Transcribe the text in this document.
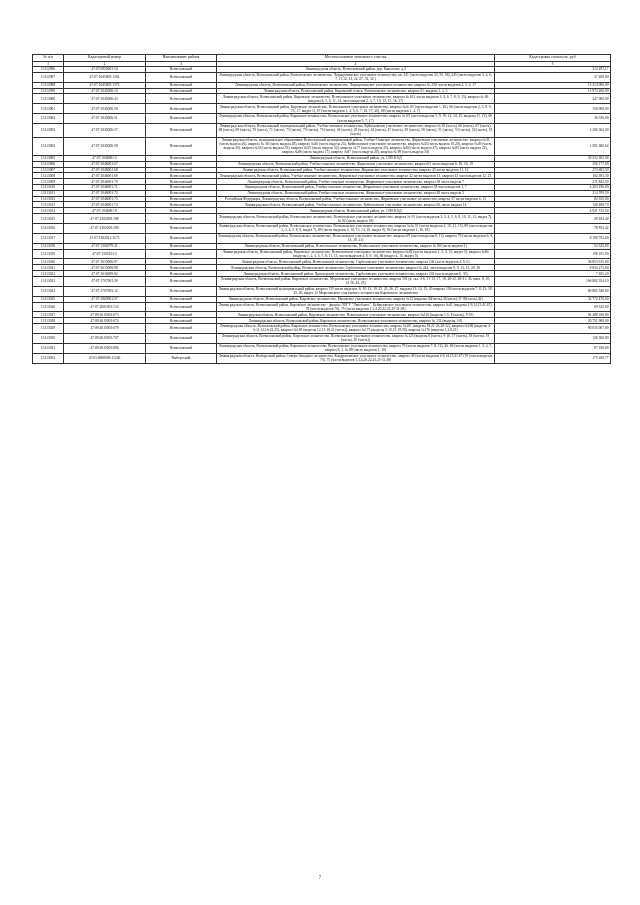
№ п/п	Кадастровый номер	Наименование района	Местоположение земельного участка	Кадастровая стоимость, руб
1	2	3	4	5
13112986	47:07:0950001:54	Всеволожский	Ленинградская область, Всеволожский район, дер. Кавголово, д.2	312 297,17
13112987	47:07:1045005:1302	Всеволожский	Ленинградская область, Всеволожский район, Всеволожское лесничество, Черноречинское участковое лесничество, кв. 241 (части выделов 33, 55, 56), 245 (части выделов 3, 4, 6, 7, 11,12, 13, 22, 27, 31, 32 )	37 400,00
13112988	47:07:1045005:1374	Всеволожский	Ленинградская область, Всеволожский район, Всеволожское лесничество, Черноречинское участковое лесничество, квартал № 230, части выделов 2, 3, 4, 17	15 414 006,00
13112999	47:07:1045006:13	Всеволожский	Ленинградская область, Всеволожский район, Кировский сельск. Всеволожское лесничество, квартал 51, выделы 1, 2, 3	13 973 260,00
13113000	47:07:1045006:43	Всеволожский	Ленинградская область, Всеволожский район, Кировское лесничество, Всеволожское участковое лесничество, квартал № 62 ( части выделов 3, 4, 6, 7, 8, 9, 15), квартал № 69 (выделы 4, 5, 6, 11, 14, части выделов 2, 3, 7, 10, 12, 15, 16, 17)	247 000,00
13113001	47:07:1045006:50	Всеволожский	Ленинградская область, Всеволожский район, Кировское лесничество, Всеволожское участковое лесничество, квартал №№ 65 (части выделов 1, 16), 66 (части выделов 2, 3, 8, 9, 15, 17, выдел 1), 67 (части выделов 1, 4, 5, 6, 7, 16, 17, 20), 68 (части выделов 1, 2, 7)	156 000,00
13113002	47:07:1045006:51	Всеволожский	Ленинградская область, Всеволожский район, Кировское лесничество, Всеволожское участковое лесничество, квартал № 65 (части выделов 5, 9, 10, 12, 14, 15, выделы 11, 13), 66 (части выделов 5, 7, 17)	36 556,00
13113003	47:07:1045006:57	Всеволожский	Ленинградская область, Всеволожский муниципальный район, Учебно-опытное лесничество, Куйвозовское участковое лесничество, квартал № 65 (часть), 66 (часть), 67 (часть), 68 (часть), 69 (часть), 70 (часть), 71 (часть), 73 (часть), 75 (часть), 76 (часть), 46 (часть), 45 (часть), 44 (часть), 47 (часть), 49 (часть), 50 (часть), 51 (часть), 53 (часть), 54 (часть), 55 (часть)	2 206 363,30
13113004	47:07:1045006:58	Всеволожский	Ленинградская область, муниципальное образование Всеволожский муниципальный район, Учебно-Опытное лесничество, Жерновское участковое лесничество, квартал №35 (часть выдела 26), квартал № 36 (часть выдела 28), квартал №36 (часть выдела 23), Куйвозовское участковое лесничество, квартал №43 (часть выдела 10,20), квартал №49 (часть выдела 20), квартал №54 (часть выдела 35), квартал №55 (часть выдела 32), квартал №77 (часть выдела 25), квартал №84 (часть выдела 47), квартал №85 (часть выдела 22), квартал №86 (часть выдела 17), квартал №87 (часть выдела 20), квартал № 89 (часть выдела 34)	1 581 600,64
13113005	47:07:1046001:5	Всеволожский	Ленинградская область, Всеволожский район, уч. СПб-КАД	39 532 305,00
13113006	47:07:1046001:67	Всеволожский	Ленинградская область, Всеволожский район, Учебно-опытное лесничество, Жерновское участковое лесничество, квартал 62 части выделов 6, 10, 16, 19	356 177,00
13113007	47:07:1046001:68	Всеволожский	Ленинградская область, Всеволожский район, Учебно-опытное лесничество, Жерновское участковое лесничество, квартал 43 части выделов 11, 12	273 683,50
13113008	47:07:1046001:69	Всеволожский	Ленинградская область, Всеволожский район, Учебно-опытное лесничество, Жерновское участковое лесничество, квартал 42 части выделов 11, квартал 43 части выделов 12, 23	102 393,30
13113009	47:07:1046001:70	Всеволожский	Ленинградская область, Всеволожский район, Учебно-опытное лесничество, Жерновское участковое лесничество, квартал 38 часть выдела 7	271 842,50
13113010	47:07:1046001:71	Всеволожский	Ленинградская область, Всеволожский район, Учебно-опытное лесничество, Жерновское участковое лесничество, квартал 38 части выделов 1, 7	4 204 196,00
13113011	47:07:1046001:72	Всеволожский	Ленинградская область, Всеволожский район, Учебно-опытное лесничество, Жерновское участковое лесничество, квартал 40 часть выдела 3	214 709,50
13113012	47:07:1046001:73	Всеволожский	Российская Федерация, Ленинградская область, Всеволожский район, Учебно-опытное лесничество, Жерновское участковое лесничество, квартал 37 части выделов 4, 13	82 935,00
13113013	47:07:1046001:74	Всеволожский	Ленинградская область, Всеволожский район, Учебно-опытное лесничество, Куйвозовское участковое лесничество, квартал 56, часть выдела 14	126 488,70
13113014	47:07:1046001:8	Всеволожский	Ленинградская область, Всеволожский район, уч. СПб-КАД	4 921 733,50
13113015	47:07:1302005:188	Всеволожский	Ленинградская область, Всеволожский район, Всеволожское лесничество, Всеволожское участковое лесничество, квартал № 91 (части выделов 2, 3, 4, 5, 6, 8, 10, 11, 12, выдел 7), № 92 (часть выдела 18)	29 494,40
13113016	47:07:1302005:189	Всеволожский	Ленинградская область, Всеволожский район, Всеволожское лесничество, Всеволожское участковое лесничество, квартал №№ 91 (части выделов 2, 10, 11, 13), 89 (части выделов 2, 3, 4, 5, 8, 9, выдел 7), 89 (части выделов 4, 10, 13, 14, 16, выдел 9), 92 (части выделов 1, 16, 18)	78 853,42
13113017	47:07:1302011:3175	Всеволожский	Ленинградская область, Всеволожский район, Всеволожское лесничество, Всеволожское участковое лесничество, квартал 69 (части выделов 8, 11), квартал 70 (части выделов 6, 9, 13, 20, 21)	8 190 792,00
13113018	47:07:1302079:21	Всеволожский	Ленинградская область, Всеволожский район, Всеволожское лесничество, Всеволожское участковое лесничество, квартал № 80 (часть выдела 1)	52 325,00
13113019	47:07:1505153:5	Всеволожский	Ленинградская область, Всеволожский район, Кировское лесничество, Всеволожское участковое лесничество, квартал №82 (части выделов 1, 2, 4, 13, выдел 3), квартал №84 (выделы 1, 2, 3, 5, 7, 8, 11, 13, части выделов 4, 6, 9, 10), 86 (выдел 4, 15, выдел 5)	198 105,00
13113020	47:07:1615006:97	Всеволожский	Ленинградская область, Всеволожский район, Всеволожское лесничество, Гарболовское участковое лесничество, квартал 244 (часть выделов 4, 5, 6)	36 853 915,00
13113021	47:07:1615009:98	Всеволожский	Ленинградская область, Всеволожский район, Всеволожское лесничество, Гарболовское участковое лесничество, квартал № 244, части выделов 8, 9, 13, 15, 29, 30	8 834 273,00
13113022	47:07:1616009:92	Всеволожский	Ленинградская область, Всеволожский район, Приозерское лесничество, Гарболовское участковое лесничество, квартал 244 (часть выделов 6, 30)	7 405,20
13113023	47:07:1707001:29	Всеволожский	Ленинградская область, Всеволожский район, Кировское лесничество, Морозовское участковое лесничество, квартал 101 (в. скл. 3-6, 11-13, 17, 18, 20-23, 28-31, 33; внел. 8, 10, 14-16, 24, 25)	166 882 354,10
13113024	47:07:1707003:12	Всеволожский	Ленинградская область, Всеволожский муниципальный район, квартал 135 части выделов, 6, 10, 12, 19, 23, 25, 26, 27, выделы 13, 14, 15, 20 квартал 136 части выделов 7, 8, 13, 18, 25, 26, выдел 12 Морозовского участкового лесничества Кировского лесничества	80 865 540,00
13113025	47:07:1869001:57	Всеволожский	Ленинградская область, Всеволожский район, Кировское лесничество, Матокское участковое лесничество, квартал №12 (выделы 30(часть),31(часть),37-39(часть),42)	32 772 470,00
13113026	47:07:2001001:133	Всеволожский	Ленинградская область, Всеволожский район, Кировское лесничество - филиал ЛОГУ "Ленобллес", Куйвозовское участковое лесничество, квартал №41 (выделы 2-9,14,15,41,67), 78 (части выделов 70), 75 (части выделов 1,3,4,20,22,23,25-31,38)	69 525,00
13113027	47:09:2615001:673	Всеволожский	Ленинградская область, Всеволожский район, Кировское лесничество, Всеволожское участковое лесничество, квартал №120 (выделы 1-5, 8 (часть), 9-19)	92 488 160,00
13113028	47:09:2615001:674	Всеволожский	Ленинградская область, Всеволожский район, Кировское лесничество, Всеволожское участковое лесничество, квартал № 132 (выделы 1-8)	20 751 900,00
13113029	47:09:2615001:679	Всеволожский	Ленинградская область, Всеволожский район, Кировское лесничество, Всеволожское участковое лесничество, квартал №101 (выделы 18,21-23,28-32), квартал №168 (выделы 4-6,11,12,16-22,25), квартал №169 (выделы 12,13-18,22 (часть)), квартал №173 (выделы 5-10,13-19,30), квартал №176 (выделы 1,2,8,21)	90 035 007,00
13113030	47:09:2615001:707	Всеволожский	Ленинградская область, Всеволожский район, Кировское лесничество, Всеволожское участковое лесничество, квартал №125 (выделы 6 (часть), 9-16, 17 (часть), 18 (часть), 19 (часть), 20 (часть))	126 360,00
13113031	47:09:2615001:806	Всеволожский	Ленинградская область, Всеволожский район, Кировское лесничество, Всеволожское участковое лесничество, квартал 70 (части выделов 7, 8, 12), 26, 84 (части выделов 1, 3, 4, 7, квартал 8, 2, № 88 (часть выделов 1, 10)	87 100,00
13113032	47:01:0000000:11240	Выборгский	Ленинградская область, Выборгский район, Северо-Западное лесничество, Кондратьевское участковое лесничество, квартал 49 (части выделов 2-9,14,15,41,67) 78 (части выделов 70), 75 (части выделов 1,3,4,20,22,23,25-31,38)	175 260,77
7
